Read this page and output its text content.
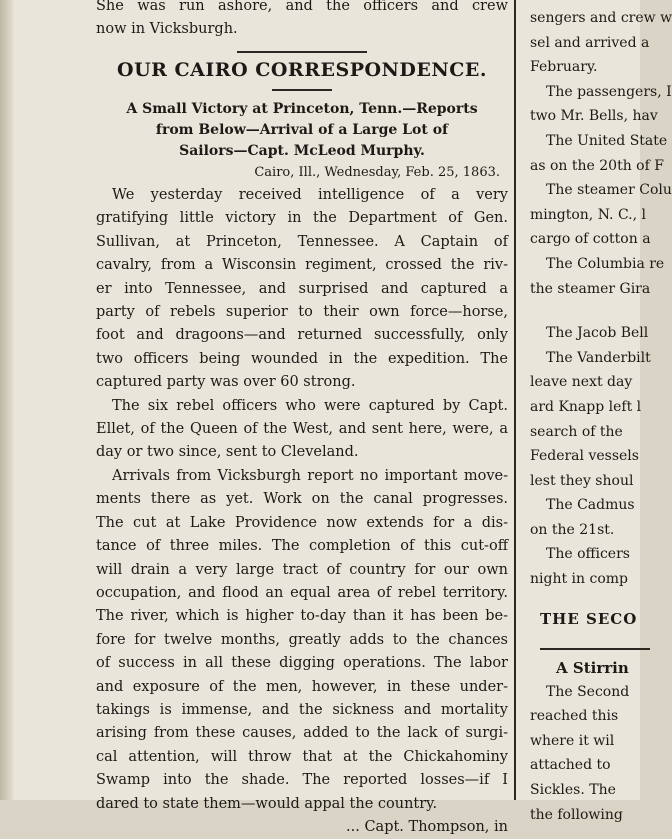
She was run ashore, and the officers and crew

now in Vicksburgh.

OUR CAIRO CORRESPONDENCE.

A Small Victory at Princeton, Tenn.—Reports

from Below—Arrival of a Large Lot of

Sailors—Capt. McLeod Murphy.

Cairo, Ill., Wednesday, Feb. 25, 1863.

We yesterday received intelligence of a very

gratifying little victory in the Department of Gen.

Sullivan, at Princeton, Tennessee. A Captain of

cavalry, from a Wisconsin regiment, crossed the riv-

er into Tennessee, and surprised and captured a

party of rebels superior to their own force—horse,

foot and dragoons—and returned successfully, only

two officers being wounded in the expedition. The

captured party was over 60 strong.

The six rebel officers who were captured by Capt.

Ellet, of the Queen of the West, and sent here, were, a

day or two since, sent to Cleveland.

Arrivals from Vicksburgh report no important move-

ments there as yet. Work on the canal progresses.

The cut at Lake Providence now extends for a dis-

tance of three miles. The completion of this cut-off

will drain a very large tract of country for our own

occupation, and flood an equal area of rebel territory.

The river, which is higher to-day than it has been be-

fore for twelve months, greatly adds to the chances

of success in all these digging operations. The labor

and exposure of the men, however, in these under-

takings is immense, and the sickness and mortality

arising from these causes, added to the lack of surgi-

cal attention, will throw that at the Chickahominy

Swamp into the shade. The reported losses—if I

dared to state them—would appal the country.

... Capt. Thompson, in

sengers and crew w

sel and arrived a

February.

The passengers, I

two Mr. Bells, hav

The United State

as on the 20th of F

The steamer Colu

mington, N. C., l

cargo of cotton a

The Columbia re

the steamer Gira

The Jacob Bell

The Vanderbilt

leave next day

ard Knapp left l

search of the

Federal vessels

lest they shoul

The Cadmus

on the 21st.

The officers

night in comp

THE SECO

A Stirrin

The Second

reached this

where it wil

attached to

Sickles. The

the following
